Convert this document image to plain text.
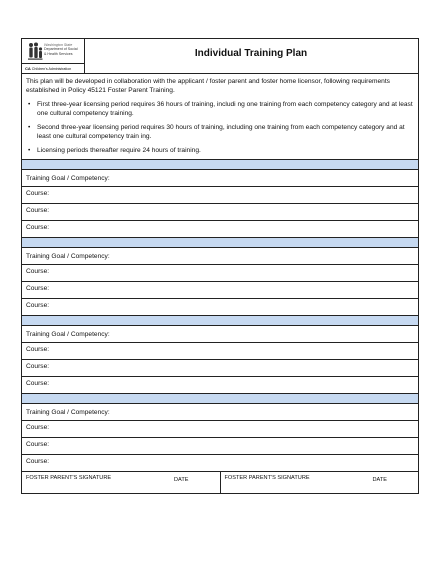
Washington State
Department of Social
& Health Services
CA Children's Administration
Individual Training Plan

This plan will be developed in collaboration with the applicant / foster parent and foster home licensor, following requirements established in Policy 45121 Foster Parent Training.

• First three-year licensing period requires 36 hours of training, includi ng one training from each competency category and at least one cultural competency training.
• Second three-year licensing period requires 30 hours of training, including one training from each competency category and at least one cultural competency train ing.
• Licensing periods thereafter require 24 hours of training.
Training Goal / Competency:
Course:
Course:
Course:
Training Goal / Competency:
Course:
Course:
Course:
Training Goal / Competency:
Course:
Course:
Course:
Training Goal / Competency:
Course:
Course:
Course:
FOSTER PARENT'S SIGNATURE	DATE	FOSTER PARENT'S SIGNATURE	DATE
